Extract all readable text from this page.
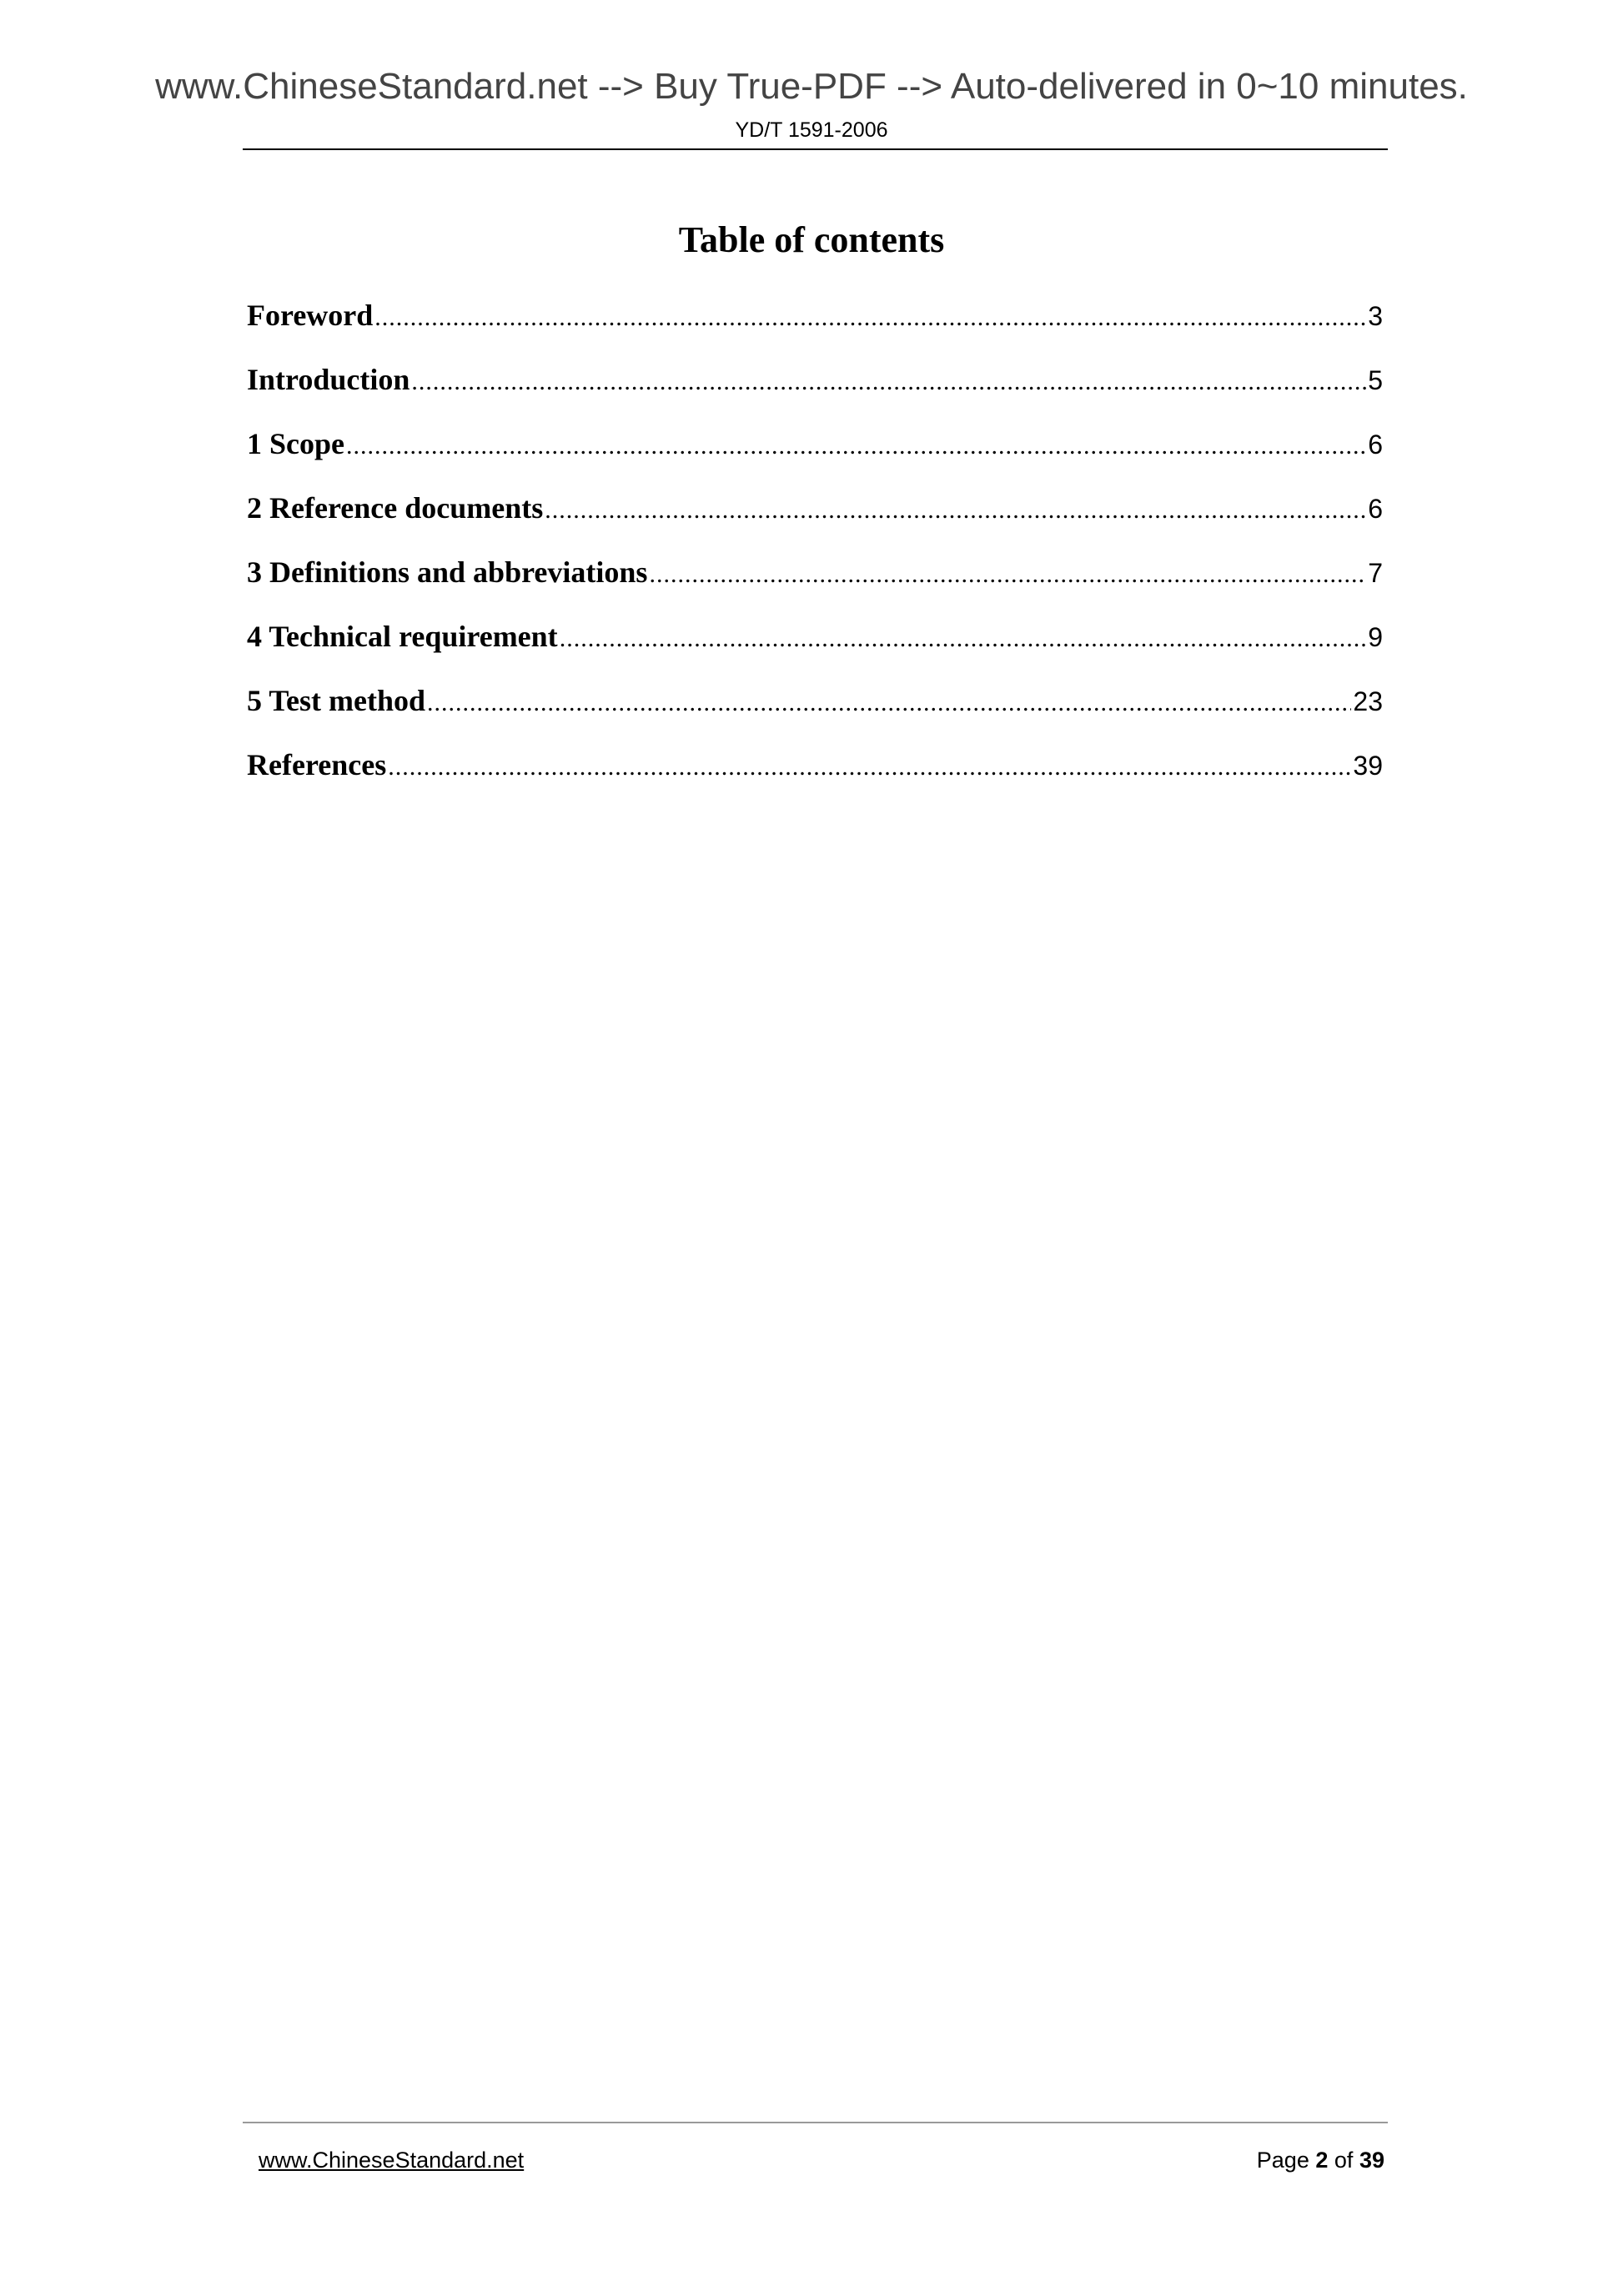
www.ChineseStandard.net --> Buy True-PDF --> Auto-delivered in 0~10 minutes.
YD/T 1591-2006
Table of contents
Foreword .....	3
Introduction .....	5
1 Scope .....	6
2 Reference documents .....	6
3 Definitions and abbreviations .....	7
4 Technical requirement .....	9
5 Test method .....	23
References .....	39
www.ChineseStandard.net	Page 2 of 39
